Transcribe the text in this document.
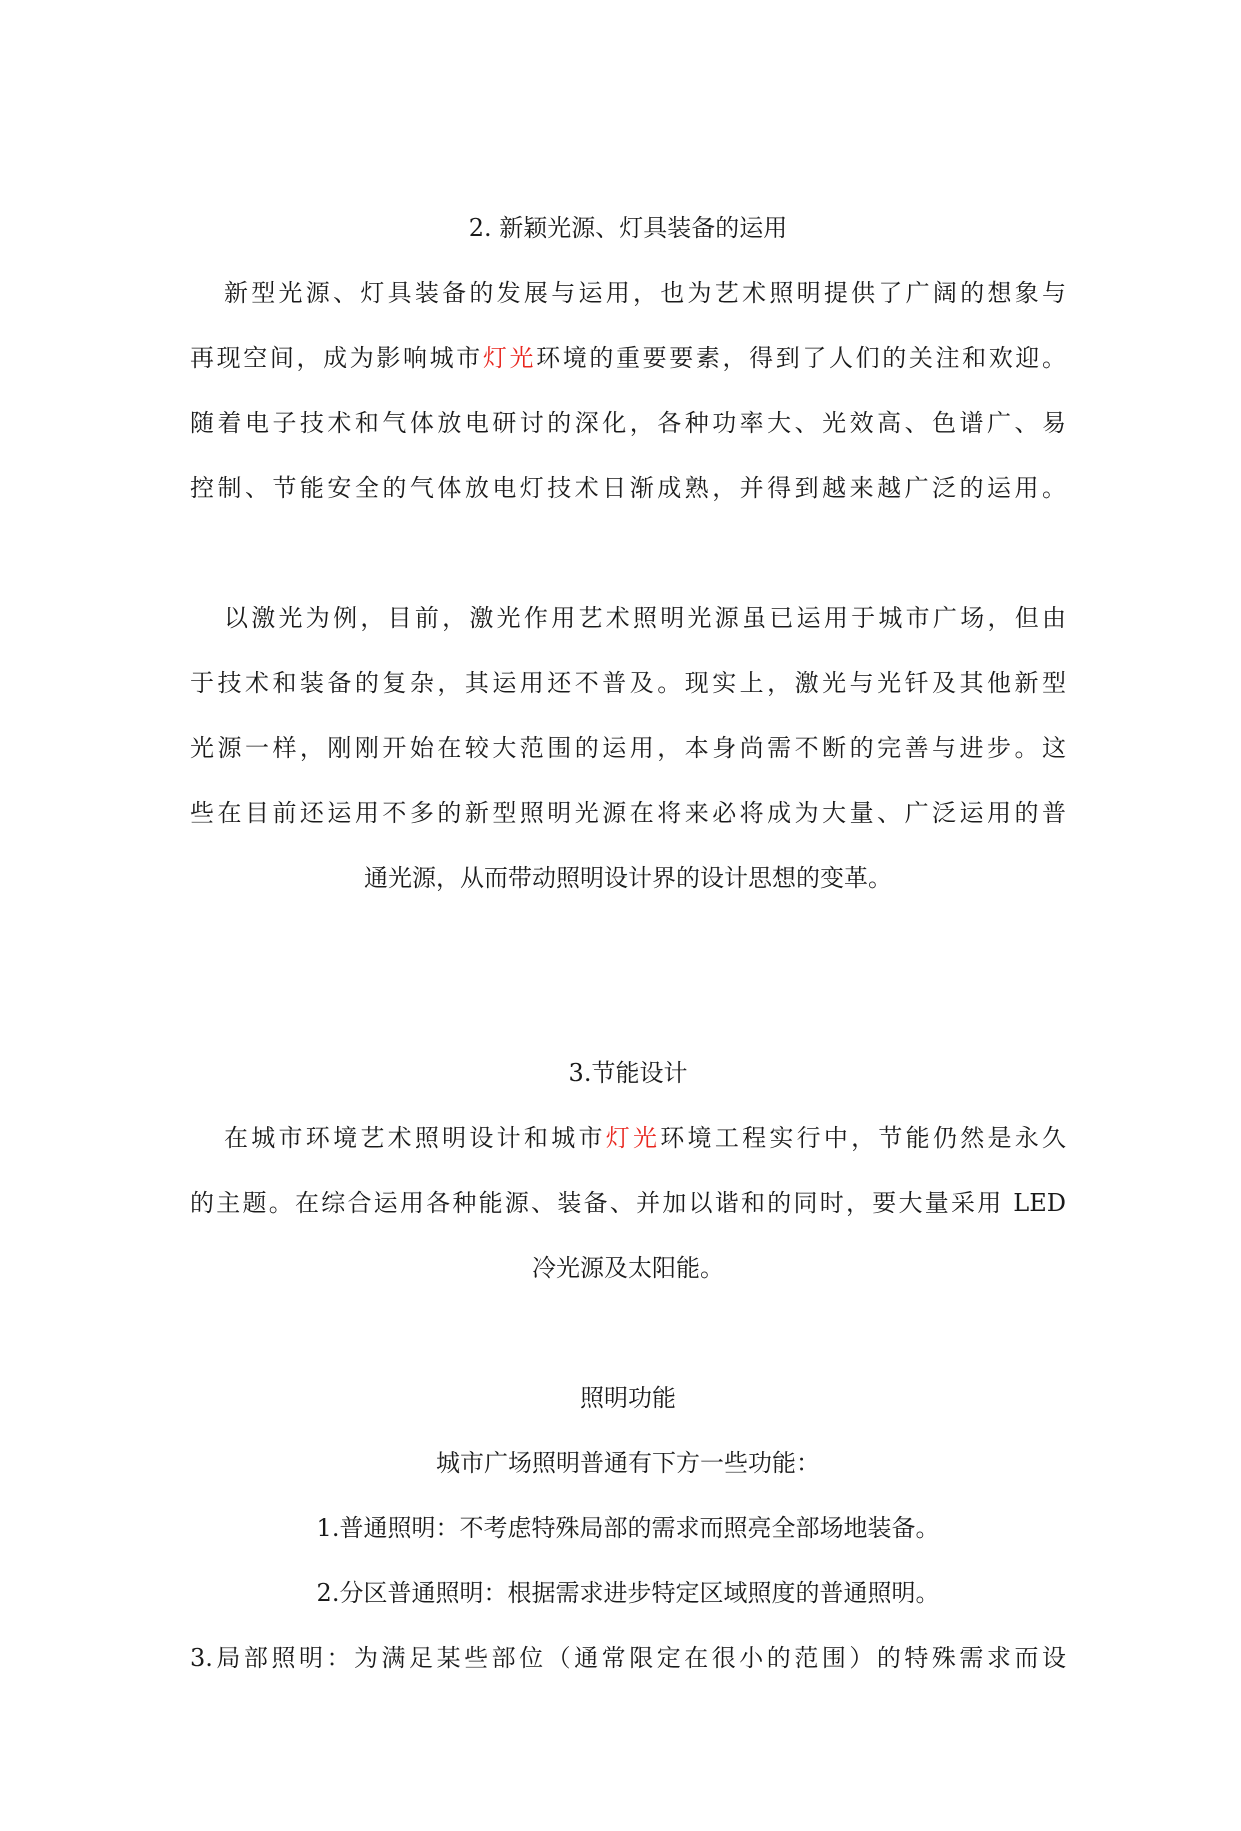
2. 新颖光源、灯具装备的运用
新型光源、灯具装备的发展与运用，也为艺术照明提供了广阔的想象与
再现空间，成为影响城市灯光环境的重要要素，得到了人们的关注和欢迎。
随着电子技术和气体放电研讨的深化，各种功率大、光效高、色谱广、易
控制、节能安全的气体放电灯技术日渐成熟，并得到越来越广泛的运用。
以激光为例，目前，激光作用艺术照明光源虽已运用于城市广场，但由
于技术和装备的复杂，其运用还不普及。现实上，激光与光钎及其他新型
光源一样，刚刚开始在较大范围的运用，本身尚需不断的完善与进步。这
些在目前还运用不多的新型照明光源在将来必将成为大量、广泛运用的普
通光源，从而带动照明设计界的设计思想的变革。
3.节能设计
在城市环境艺术照明设计和城市灯光环境工程实行中，节能仍然是永久
的主题。在综合运用各种能源、装备、并加以谐和的同时，要大量采用 LED
冷光源及太阳能。
照明功能
城市广场照明普通有下方一些功能：
1.普通照明：不考虑特殊局部的需求而照亮全部场地装备。
2.分区普通照明：根据需求进步特定区域照度的普通照明。
3.局部照明：为满足某些部位（通常限定在很小的范围）的特殊需求而设
